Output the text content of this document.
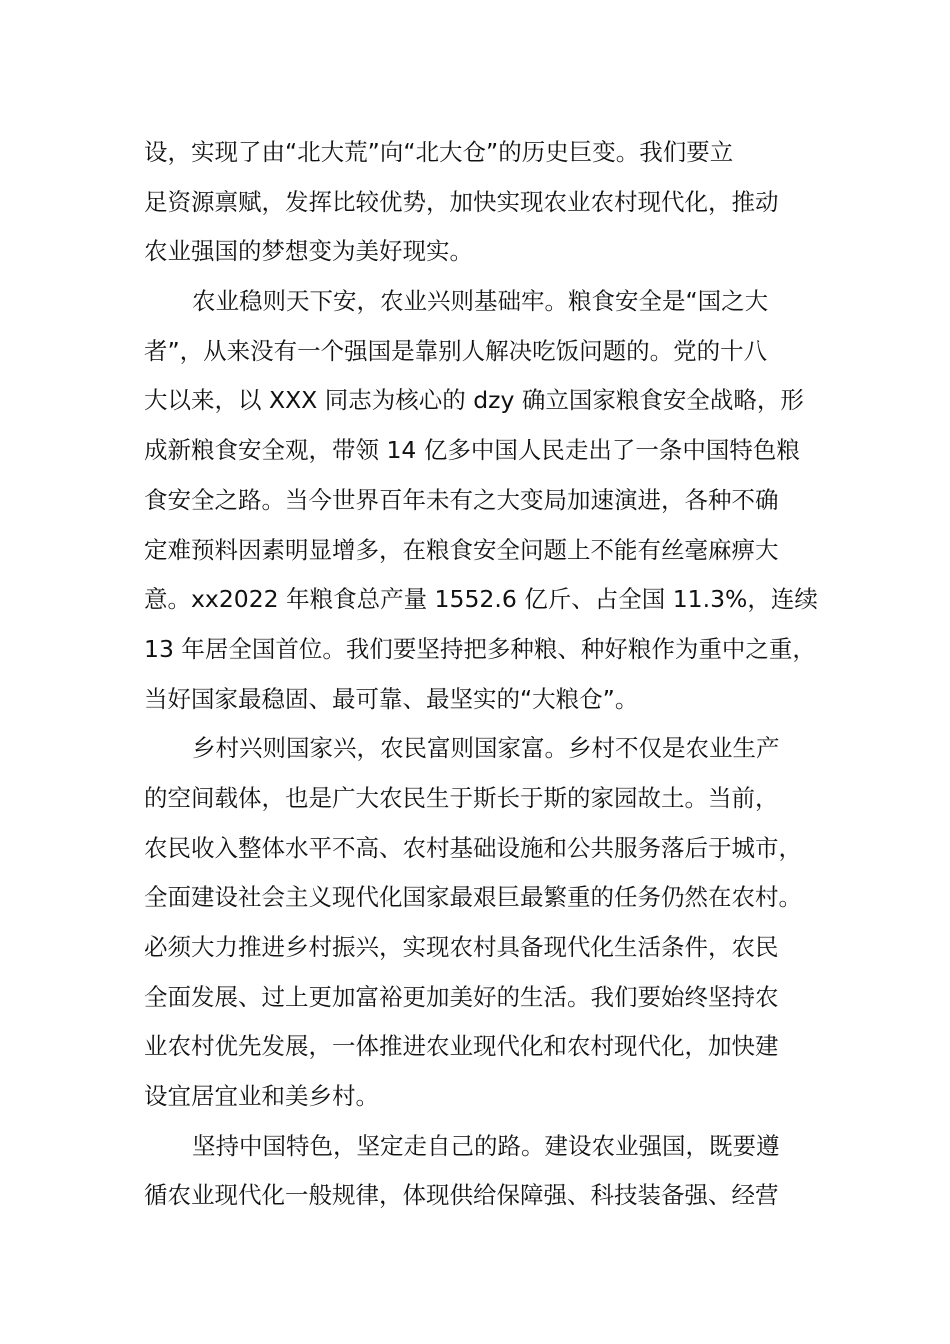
设，实现了由“北大荒”向“北大仓”的历史巨变。我们要立
足资源禀赋，发挥比较优势，加快实现农业农村现代化，推动
农业强国的梦想变为美好现实。
农业稳则天下安，农业兴则基础牢。粮食安全是“国之大
者”，从来没有一个强国是靠别人解决吃饭问题的。党的十八
大以来，以 XXX 同志为核心的 dzy 确立国家粮食安全战略，形
成新粮食安全观，带领 14 亿多中国人民走出了一条中国特色粮
食安全之路。当今世界百年未有之大变局加速演进，各种不确
定难预料因素明显增多，在粮食安全问题上不能有丝毫麻痹大
意。xx2022 年粮食总产量 1552.6 亿斤、占全国 11.3%，连续
13 年居全国首位。我们要坚持把多种粮、种好粮作为重中之重，
当好国家最稳固、最可靠、最坚实的“大粮仓”。
乡村兴则国家兴，农民富则国家富。乡村不仅是农业生产
的空间载体，也是广大农民生于斯长于斯的家园故土。当前，
农民收入整体水平不高、农村基础设施和公共服务落后于城市，
全面建设社会主义现代化国家最艰巨最繁重的任务仍然在农村。
必须大力推进乡村振兴，实现农村具备现代化生活条件，农民
全面发展、过上更加富裕更加美好的生活。我们要始终坚持农
业农村优先发展，一体推进农业现代化和农村现代化，加快建
设宜居宜业和美乡村。
坚持中国特色，坚定走自己的路。建设农业强国，既要遵
循农业现代化一般规律，体现供给保障强、科技装备强、经营
